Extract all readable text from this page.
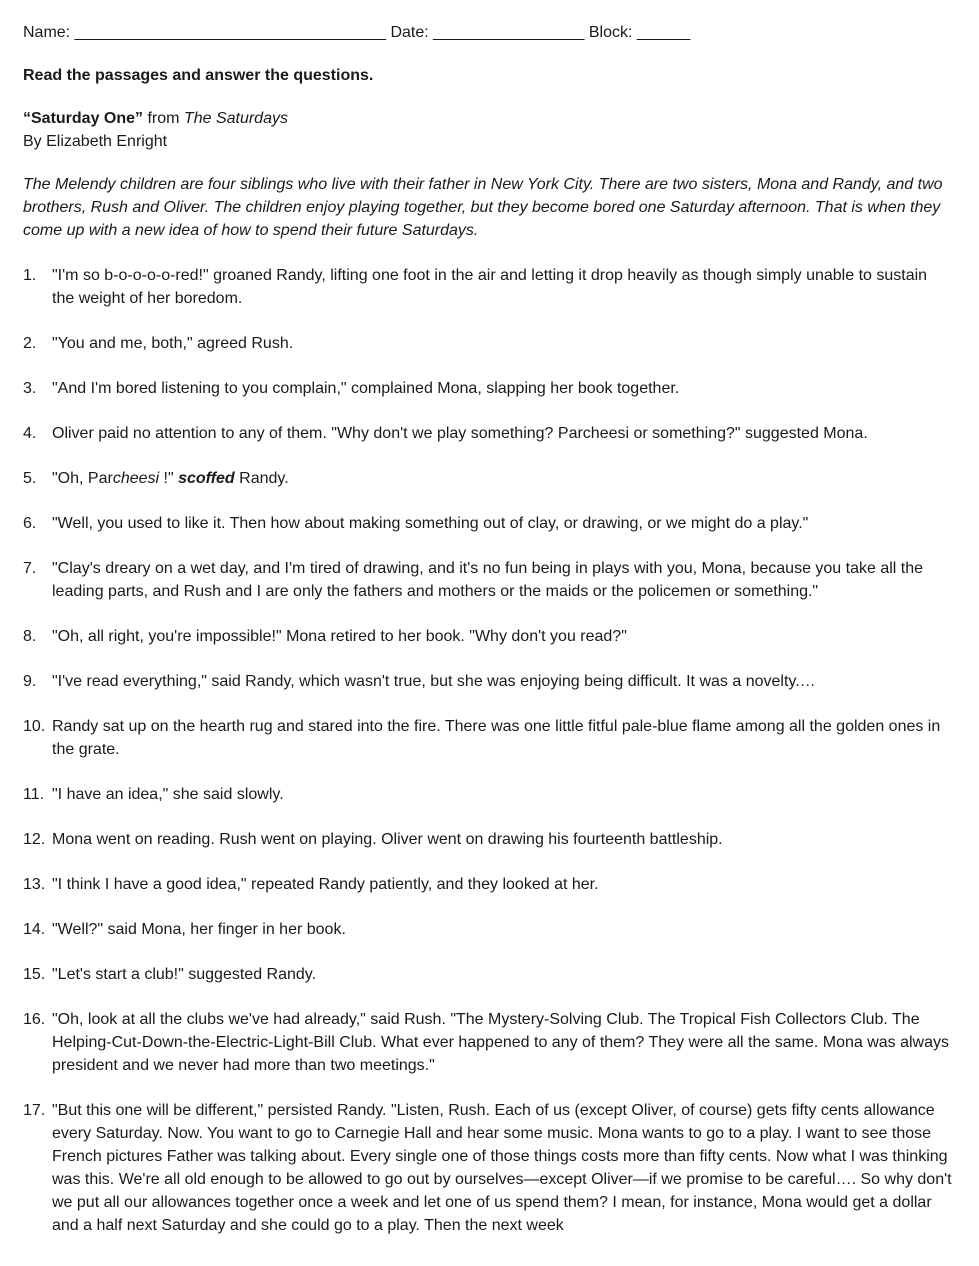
Name: ___________________________________ Date: _________________ Block: ______
Read the passages and answer the questions.
“Saturday One” from The Saturdays
By Elizabeth Enright
The Melendy children are four siblings who live with their father in New York City. There are two sisters, Mona and Randy, and two brothers, Rush and Oliver. The children enjoy playing together, but they become bored one Saturday afternoon. That is when they come up with a new idea of how to spend their future Saturdays.
1. "I'm so b-o-o-o-o-red!" groaned Randy, lifting one foot in the air and letting it drop heavily as though simply unable to sustain the weight of her boredom.
2. "You and me, both," agreed Rush.
3. "And I'm bored listening to you complain," complained Mona, slapping her book together.
4. Oliver paid no attention to any of them. "Why don't we play something? Parcheesi or something?" suggested Mona.
5. "Oh, Parcheesi !" scoffed Randy.
6. "Well, you used to like it. Then how about making something out of clay, or drawing, or we might do a play."
7. "Clay's dreary on a wet day, and I'm tired of drawing, and it's no fun being in plays with you, Mona, because you take all the leading parts, and Rush and I are only the fathers and mothers or the maids or the policemen or something."
8. "Oh, all right, you're impossible!" Mona retired to her book. "Why don't you read?"
9. "I've read everything," said Randy, which wasn't true, but she was enjoying being difficult. It was a novelty.…
10. Randy sat up on the hearth rug and stared into the fire. There was one little fitful pale-blue flame among all the golden ones in the grate.
11. "I have an idea," she said slowly.
12. Mona went on reading. Rush went on playing. Oliver went on drawing his fourteenth battleship.
13. "I think I have a good idea," repeated Randy patiently, and they looked at her.
14. "Well?" said Mona, her finger in her book.
15. "Let's start a club!" suggested Randy.
16. "Oh, look at all the clubs we've had already," said Rush. "The Mystery-Solving Club. The Tropical Fish Collectors Club. The Helping-Cut-Down-the-Electric-Light-Bill Club. What ever happened to any of them? They were all the same. Mona was always president and we never had more than two meetings."
17. "But this one will be different," persisted Randy. "Listen, Rush. Each of us (except Oliver, of course) gets fifty cents allowance every Saturday. Now. You want to go to Carnegie Hall and hear some music. Mona wants to go to a play. I want to see those French pictures Father was talking about. Every single one of those things costs more than fifty cents. Now what I was thinking was this. We're all old enough to be allowed to go out by ourselves—except Oliver—if we promise to be careful…. So why don't we put all our allowances together once a week and let one of us spend them? I mean, for instance, Mona would get a dollar and a half next Saturday and she could go to a play. Then the next week
